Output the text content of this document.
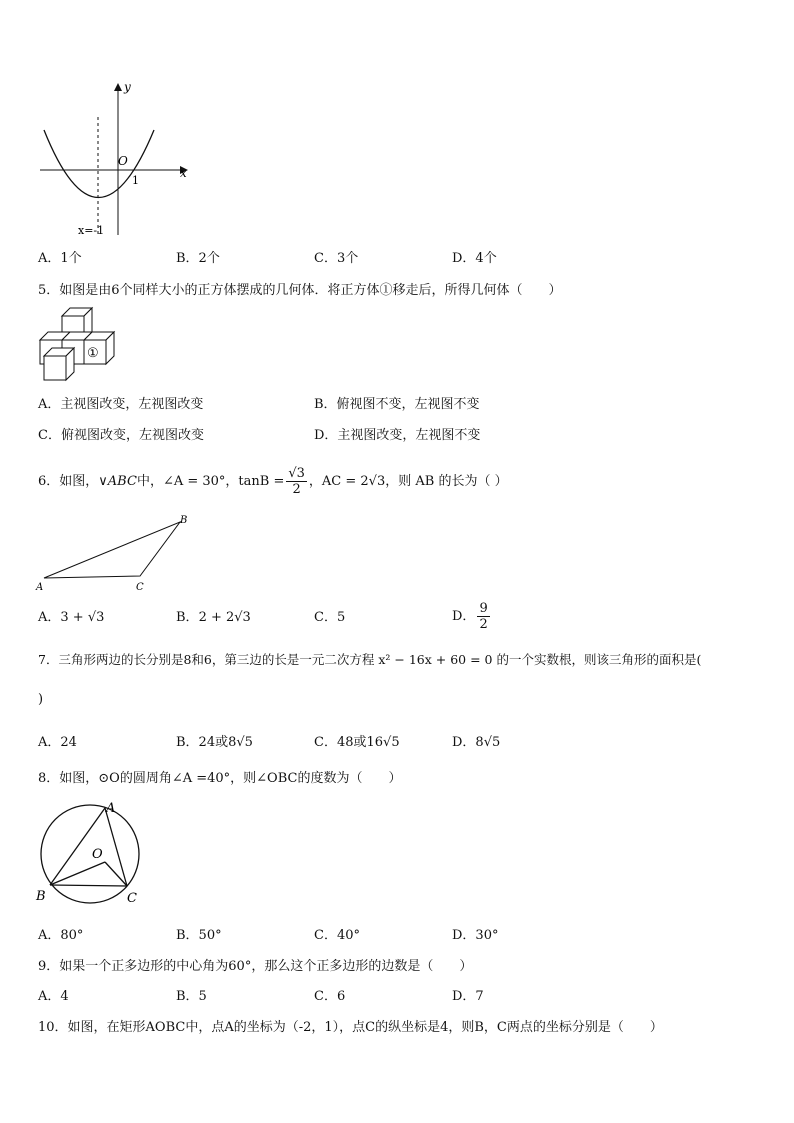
y
x
O
1
x=-1
A．1个	B．2个	C．3个	D．4个
5．如图是由6个同样大小的正方体摆成的几何体．将正方体①移走后，所得几何体（　　）
①
A．主视图改变，左视图改变	B．俯视图不变，左视图不变
C．俯视图改变，左视图改变	D．主视图改变，左视图不变
6．如图，∨ABC中，∠A = 30°，$\tan B = \frac{√3}{2}$ ，AC = 2√3，则 AB 的长为（ ）
A
B
C
A．3 + √3	B．2 + 2√3	C．5	D． $\frac{9}{2}$
7．三角形两边的长分别是8和6，第三边的长是一元二次方程 x² − 16x + 60 = 0 的一个实数根，则该三角形的面积是(
)
A．24	B．24或8√5	C．48或16√5	D．8√5
8．如图，⊙O的圆周角∠A =40°，则∠OBC的度数为（　　）
A
O
B	C
A．80°	B．50°	C．40°	D．30°
9．如果一个正多边形的中心角为60°，那么这个正多边形的边数是（　　）
A．4	B．5	C．6	D．7
10．如图，在矩形AOBC中，点A的坐标为（-2，1），点C的纵坐标是4，则B，C两点的坐标分别是（　　）
